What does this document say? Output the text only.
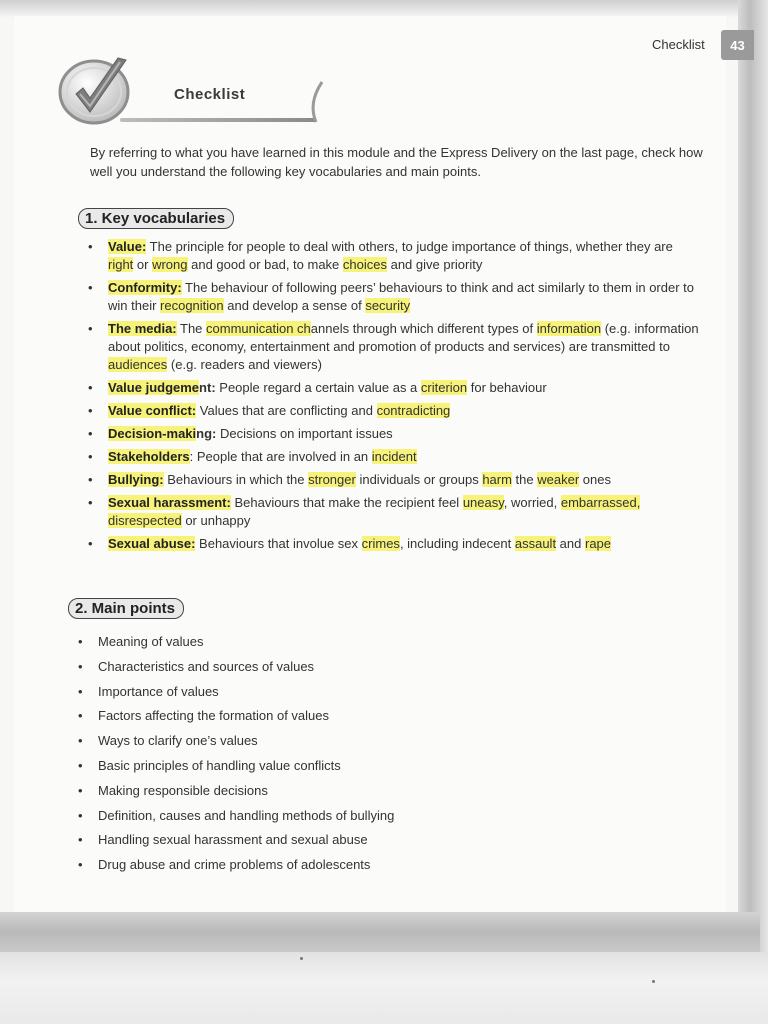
Checklist 43
Checklist

By referring to what you have learned in this module and the Express Delivery on the last page, check how well you understand the following key vocabularies and main points.

1. Key vocabularies
• Value: The principle for people to deal with others, to judge importance of things, whether they are right or wrong and good or bad, to make choices and give priority
• Conformity: The behaviour of following peers’ behaviours to think and act similarly to them in order to win their recognition and develop a sense of security
• The media: The communication channels through which different types of information (e.g. information about politics, economy, entertainment and promotion of products and services) are transmitted to audiences (e.g. readers and viewers)
• Value judgement: People regard a certain value as a criterion for behaviour
• Value conflict: Values that are conflicting and contradicting
• Decision-making: Decisions on important issues
• Stakeholders: People that are involved in an incident
• Bullying: Behaviours in which the stronger individuals or groups harm the weaker ones
• Sexual harassment: Behaviours that make the recipient feel uneasy, worried, embarrassed, disrespected or unhappy
• Sexual abuse: Behaviours that involue sex crimes, including indecent assault and rape
2. Main points
• Meaning of values
• Characteristics and sources of values
• Importance of values
• Factors affecting the formation of values
• Ways to clarify one’s values
• Basic principles of handling value conflicts
• Making responsible decisions
• Definition, causes and handling methods of bullying
• Handling sexual harassment and sexual abuse
• Drug abuse and crime problems of adolescents
